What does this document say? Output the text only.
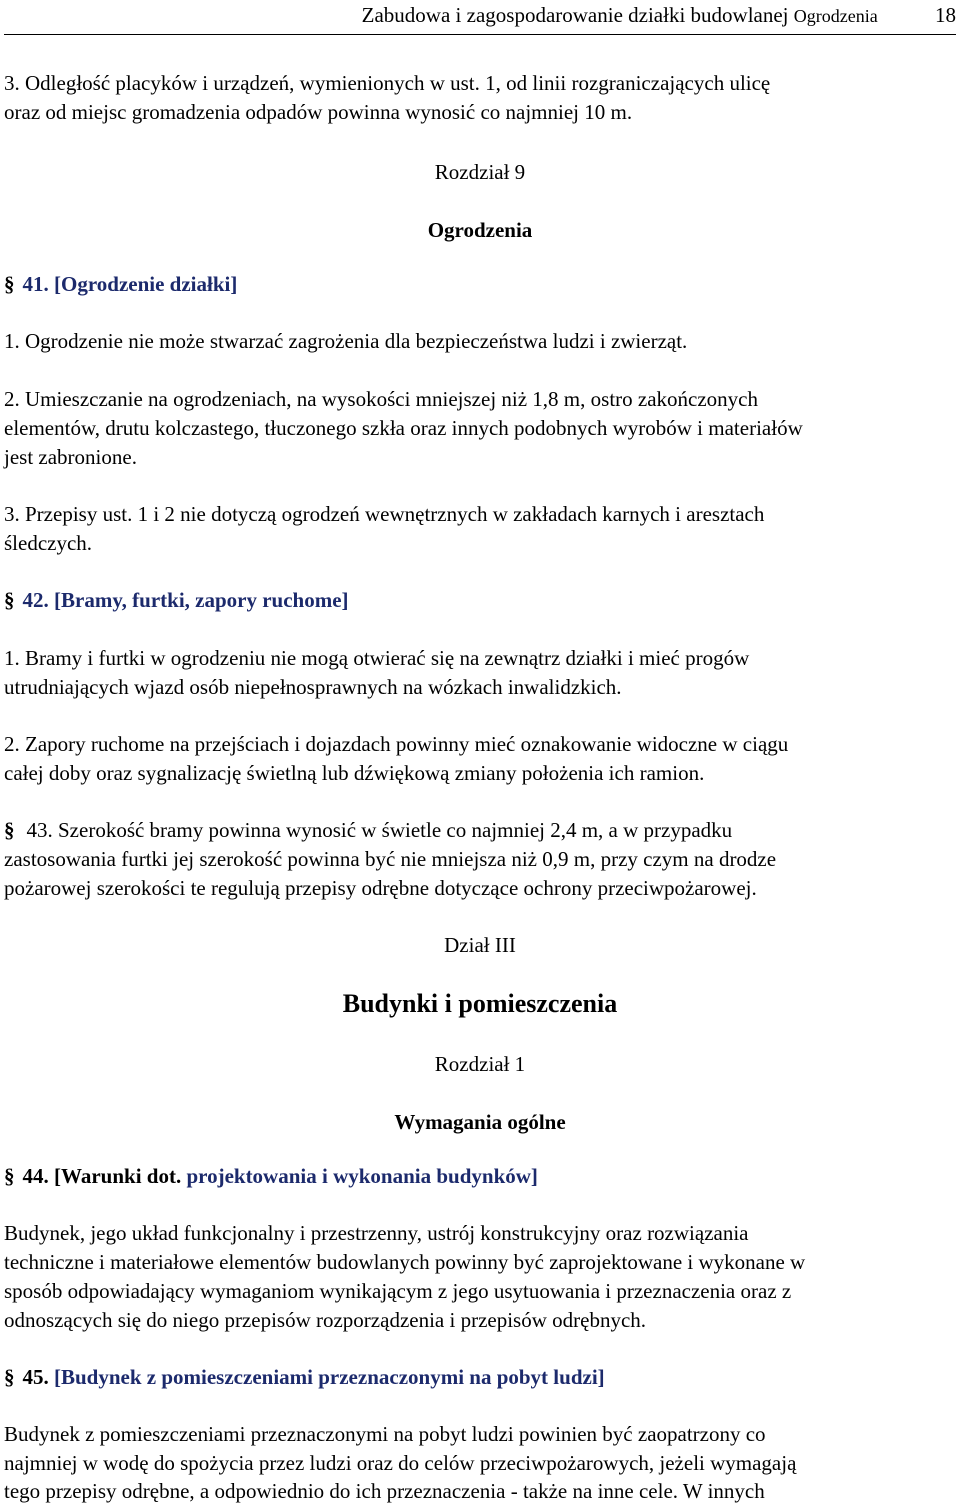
Zabudowa i zagospodarowanie działki budowlanej Ogrodzenia	18
3. Odległość placyków i urządzeń, wymienionych w ust. 1, od linii rozgraniczających ulicę
oraz od miejsc gromadzenia odpadów powinna wynosić co najmniej 10 m.
Rozdział 9
Ogrodzenia
§ 41. [Ogrodzenie działki]
1. Ogrodzenie nie może stwarzać zagrożenia dla bezpieczeństwa ludzi i zwierząt.
2. Umieszczanie na ogrodzeniach, na wysokości mniejszej niż 1,8 m, ostro zakończonych
elementów, drutu kolczastego, tłuczonego szkła oraz innych podobnych wyrobów i materiałów
jest zabronione.
3. Przepisy ust. 1 i 2 nie dotyczą ogrodzeń wewnętrznych w zakładach karnych i aresztach
śledczych.
§ 42. [Bramy, furtki, zapory ruchome]
1. Bramy i furtki w ogrodzeniu nie mogą otwierać się na zewnątrz działki i mieć progów
utrudniających wjazd osób niepełnosprawnych na wózkach inwalidzkich.
2. Zapory ruchome na przejściach i dojazdach powinny mieć oznakowanie widoczne w ciągu
całej doby oraz sygnalizację świetlną lub dźwiękową zmiany położenia ich ramion.
§ 43. Szerokość bramy powinna wynosić w świetle co najmniej 2,4 m, a w przypadku
zastosowania furtki jej szerokość powinna być nie mniejsza niż 0,9 m, przy czym na drodze
pożarowej szerokości te regulują przepisy odrębne dotyczące ochrony przeciwpożarowej.
Dział III
Budynki i pomieszczenia
Rozdział 1
Wymagania ogólne
§ 44. [Warunki dot. projektowania i wykonania budynków]
Budynek, jego układ funkcjonalny i przestrzenny, ustrój konstrukcyjny oraz rozwiązania
techniczne i materiałowe elementów budowlanych powinny być zaprojektowane i wykonane w
sposób odpowiadający wymaganiom wynikającym z jego usytuowania i przeznaczenia oraz z
odnoszących się do niego przepisów rozporządzenia i przepisów odrębnych.
§ 45. [Budynek z pomieszczeniami przeznaczonymi na pobyt ludzi]
Budynek z pomieszczeniami przeznaczonymi na pobyt ludzi powinien być zaopatrzony co
najmniej w wodę do spożycia przez ludzi oraz do celów przeciwpożarowych, jeżeli wymagają
tego przepisy odrębne, a odpowiednio do ich przeznaczenia - także na inne cele. W innych
